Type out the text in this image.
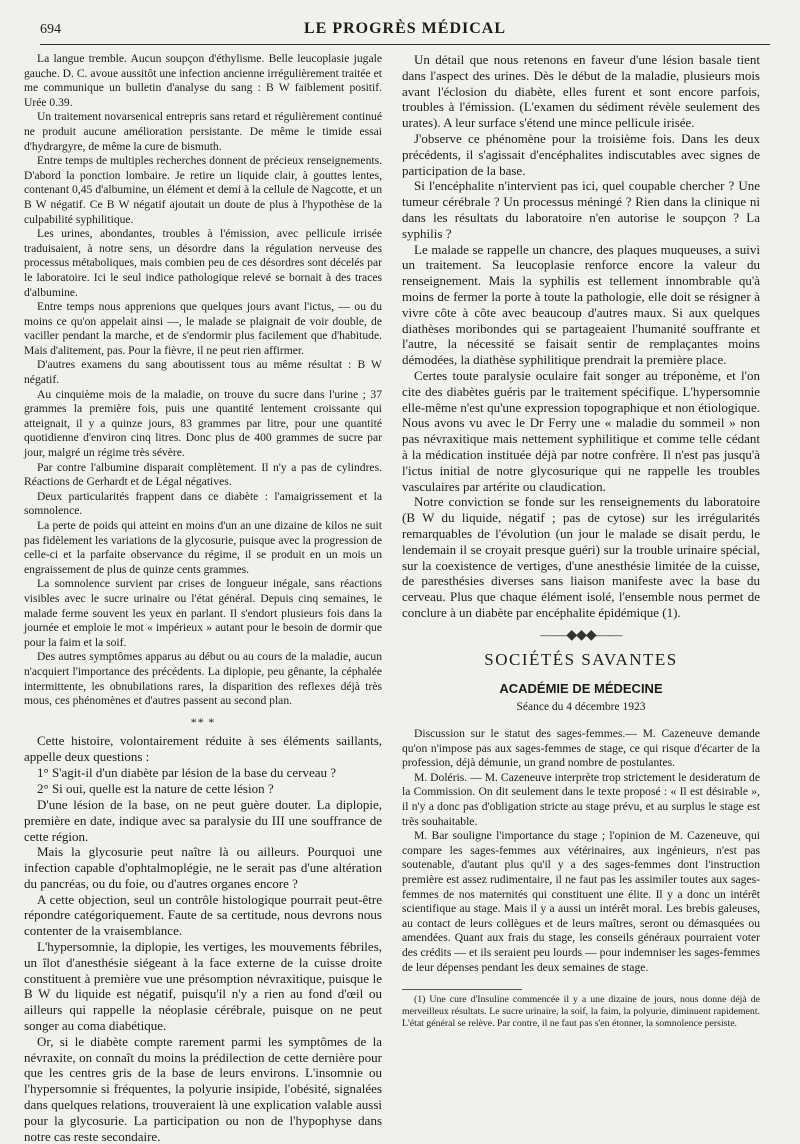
694	LE PROGRÈS MÉDICAL

La langue tremble. Aucun soupçon d'éthylisme. Belle leucoplasie jugale gauche. D. C. avoue aussitôt une infection ancienne irrégulièrement traitée et me communique un bulletin d'analyse du sang : B W faiblement positif. Urée 0.39.

Un traitement novarsenical entrepris sans retard et régulièrement continué ne produit aucune amélioration persistante. De même le timide essai d'hydrargyre, de même la cure de bismuth.

Entre temps de multiples recherches donnent de précieux renseignements. D'abord la ponction lombaire. Je retire un liquide clair, à gouttes lentes, contenant 0,45 d'albumine, un élément et demi à la cellule de Nagcotte, et un B W négatif. Ce B W négatif ajoutait un doute de plus à l'hypothèse de la culpabilité syphilitique.

Les urines, abondantes, troubles à l'émission, avec pellicule irrisée traduisaient, à notre sens, un désordre dans la régulation nerveuse des processus métaboliques, mais combien peu de ces désordres sont décelés par le laboratoire. Ici le seul indice pathologique relevé se bornait à des traces d'albumine.

Entre temps nous apprenions que quelques jours avant l'ictus, — ou du moins ce qu'on appelait ainsi —, le malade se plaignait de voir double, de vaciller pendant la marche, et de s'endormir plus facilement que d'habitude. Mais d'alitement, pas. Pour la fièvre, il ne peut rien affirmer.

D'autres examens du sang aboutissent tous au même résultat : B W négatif.

Au cinquième mois de la maladie, on trouve du sucre dans l'urine ; 37 grammes la première fois, puis une quantité lentement croissante qui atteignait, il y a quinze jours, 83 grammes par litre, pour une quantité quotidienne d'environ cinq litres. Donc plus de 400 grammes de sucre par jour, malgré un régime très sévère.

Par contre l'albumine disparait complètement. Il n'y a pas de cylindres. Réactions de Gerhardt et de Légal négatives.

Deux particularités frappent dans ce diabète : l'amaigrissement et la somnolence.

La perte de poids qui atteint en moins d'un an une dizaine de kilos ne suit pas fidèlement les variations de la glycosurie, puisque avec la progression de celle-ci et la parfaite observance du régime, il se produit en un mois un engraissement de plus de quinze cents grammes.

La somnolence survient par crises de longueur inégale, sans réactions visibles avec le sucre urinaire ou l'état général. Depuis cinq semaines, le malade ferme souvent les yeux en parlant. Il s'endort plusieurs fois dans la journée et emploie le mot « impérieux » autant pour le besoin de dormir que pour la faim et la soif.

Des autres symptômes apparus au début ou au cours de la maladie, aucun n'acquiert l'importance des précédents. La diplopie, peu gênante, la céphalée intermittente, les obnubilations rares, la disparition des reflexes déjà très mous, ces phénomènes et d'autres passent au second plan.

** *

Cette histoire, volontairement réduite à ses éléments saillants, appelle deux questions :

1° S'agit-il d'un diabète par lésion de la base du cerveau ?

2° Si oui, quelle est la nature de cette lésion ?

D'une lésion de la base, on ne peut guère douter. La diplopie, première en date, indique avec sa paralysie du III une souffrance de cette région.

Mais la glycosurie peut naître là ou ailleurs. Pourquoi une infection capable d'ophtalmoplégie, ne le serait pas d'une altération du pancréas, ou du foie, ou d'autres organes encore ?

A cette objection, seul un contrôle histologique pourrait peut-être répondre catégoriquement. Faute de sa certitude, nous devrons nous contenter de la vraisemblance.

L'hypersomnie, la diplopie, les vertiges, les mouvements fébriles, un îlot d'anesthésie siégeant à la face externe de la cuisse droite constituent à première vue une présomption névraxitique, puisque le B W du liquide est négatif, puisqu'il n'y a rien au fond d'œil ou ailleurs qui rappelle la néoplasie cérébrale, puisque on ne peut songer au coma diabétique.

Or, si le diabète compte rarement parmi les symptômes de la névraxite, on connaît du moins la prédilection de cette dernière pour que les centres gris de la base de leurs environs. L'insomnie ou l'hypersomnie si fréquentes, la polyurie insipide, l'obésité, signalées dans quelques relations, trouveraient là une explication valable aussi pour la glycosurie. La participation ou non de l'hypophyse dans notre cas reste secondaire.

Un détail que nous retenons en faveur d'une lésion basale tient dans l'aspect des urines. Dès le début de la maladie, plusieurs mois avant l'éclosion du diabète, elles furent et sont encore parfois, troubles à l'émission. (L'examen du sédiment révèle seulement des urates). A leur surface s'étend une mince pellicule irisée.

J'observe ce phénomène pour la troisième fois. Dans les deux précédents, il s'agissait d'encéphalites indiscutables avec signes de participation de la base.

Si l'encéphalite n'intervient pas ici, quel coupable chercher ? Une tumeur cérébrale ? Un processus méningé ? Rien dans la clinique ni dans les résultats du laboratoire n'en autorise le soupçon ? La syphilis ?

Le malade se rappelle un chancre, des plaques muqueuses, a suivi un traitement. Sa leucoplasie renforce encore la valeur du renseignement. Mais la syphilis est tellement innombrable qu'à moins de fermer la porte à toute la pathologie, elle doit se résigner à vivre côte à côte avec beaucoup d'autres maux. Si aux quelques diathèses moribondes qui se partageaient l'humanité souffrante et l'autre, la nécessité se faisait sentir de remplaçantes moins démodées, la diathèse syphilitique prendrait la première place.

Certes toute paralysie oculaire fait songer au tréponème, et l'on cite des diabètes guéris par le traitement spécifique. L'hypersomnie elle-même n'est qu'une expression topographique et non étiologique. Nous avons vu avec le Dr Ferry une « maladie du sommeil » non pas névraxitique mais nettement syphilitique et comme telle cédant à la médication instituée déjà par notre confrère. Il n'est pas jusqu'à l'ictus initial de notre glycosurique qui ne rappelle les troubles vasculaires par artérite ou claudication.

Notre conviction se fonde sur les renseignements du laboratoire (B W du liquide, négatif ; pas de cytose) sur les irrégularités remarquables de l'évolution (un jour le malade se disait perdu, le lendemain il se croyait presque guéri) sur la trouble urinaire spécial, sur la coexistence de vertiges, d'une anesthésie limitée de la cuisse, de paresthésies diverses sans liaison manifeste avec la base du cerveau. Plus que chaque élément isolé, l'ensemble nous permet de conclure à un diabète par encéphalite épidémique (1).

——◆◆◆——
SOCIÉTÉS SAVANTES
ACADÉMIE DE MÉDECINE
Séance du 4 décembre 1923

Discussion sur le statut des sages-femmes.— M. Cazeneuve demande qu'on n'impose pas aux sages-femmes de stage, ce qui risque d'écarter de la profession, déjà démunie, un grand nombre de postulantes.

M. Doléris. — M. Cazeneuve interprète trop strictement le desideratum de la Commission. On dit seulement dans le texte proposé : « Il est désirable », il n'y a donc pas d'obligation stricte au stage prévu, et au surplus le stage est très souhaitable.

M. Bar souligne l'importance du stage ; l'opinion de M. Cazeneuve, qui compare les sages-femmes aux vétérinaires, aux ingénieurs, n'est pas soutenable, d'autant plus qu'il y a des sages-femmes dont l'instruction première est assez rudimentaire, il ne faut pas les assimiler toutes aux sages-femmes de nos maternités qui constituent une élite. Il y a donc un intérêt scientifique au stage. Mais il y a aussi un intérêt moral. Les brebis galeuses, au contact de leurs collègues et de leurs maîtres, seront ou démasquées ou amendées. Quant aux frais du stage, les conseils généraux pourraient voter des crédits — et ils seraient peu lourds — pour indemniser les sages-femmes de leur dépenses pendant les deux semaines de stage.

(1) Une cure d'Insuline commencée il y a une dizaine de jours, nous donne déjà de merveilleux résultats. Le sucre urinaire, la soif, la faim, la polyurie, diminuent rapidement. L'état général se relève. Par contre, il ne faut pas s'en étonner, la somnolence persiste.
